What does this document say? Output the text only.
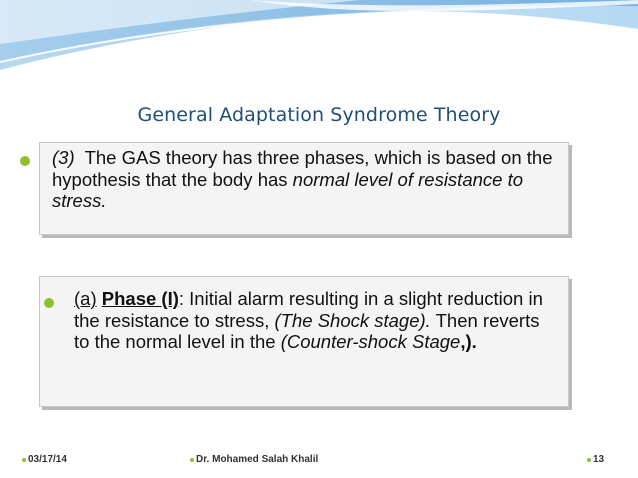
General Adaptation Syndrome Theory
(3) The GAS theory has three phases, which is based on the hypothesis that the body has normal level of resistance to stress.
(a) Phase (I): Initial alarm resulting in a slight reduction in the resistance to stress, (The Shock stage). Then reverts to the normal level in the (Counter-shock Stage,).
03/17/14	Dr. Mohamed Salah Khalil	13
